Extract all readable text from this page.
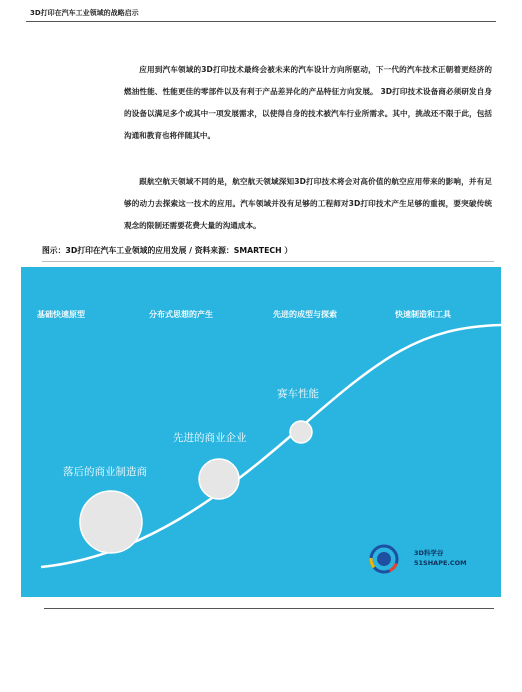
3D打印在汽车工业领域的战略启示

应用到汽车领域的3D打印技术最终会被未来的汽车设计方向所驱动，下一代的汽车技术正朝着更经济的燃油性能、性能更佳的零部件以及有利于产品差异化的产品特征方向发展。 3D打印技术设备商必须研发自身的设备以满足多个或其中一项发展需求，以使得自身的技术被汽车行业所需求。其中，挑战还不限于此，包括沟通和教育也将伴随其中。

跟航空航天领域不同的是，航空航天领域深知3D打印技术将会对高价值的航空应用带来的影响，并有足够的动力去探索这一技术的应用。汽车领域并没有足够的工程师对3D打印技术产生足够的重视，要突破传统观念的限制还需要花费大量的沟通成本。

图示：3D打印在汽车工业领域的应用发展 / 资料来源：SMARTECH ）
基础快速原型	分布式思想的产生	先进的成型与探索	快速制造和工具
落后的商业制造商
先进的商业企业
赛车性能
3D科学谷
51SHAPE.COM
